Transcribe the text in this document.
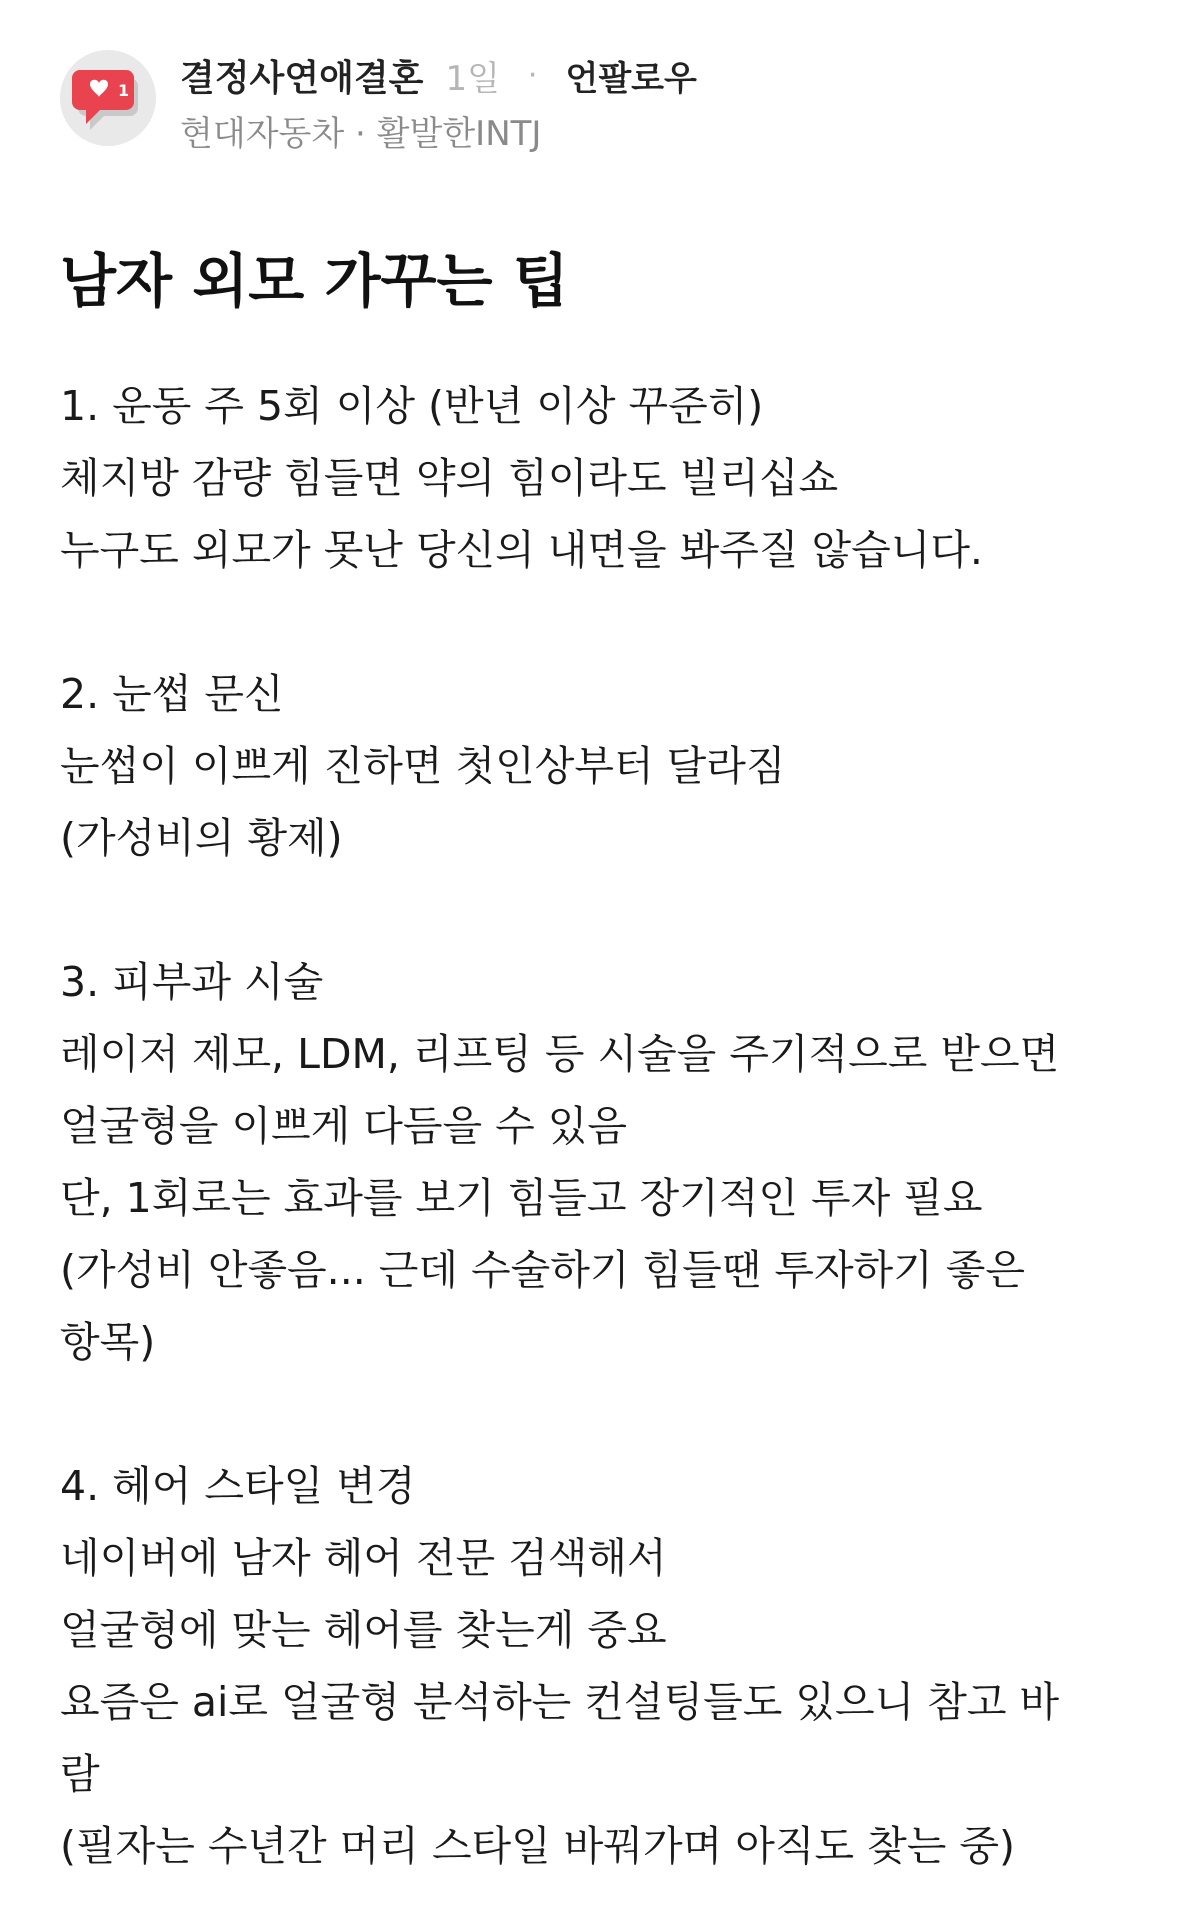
1 결정사연애결혼 1일 · 언팔로우
현대자동차 · 활발한INTJ
남자 외모 가꾸는 팁
1. 운동 주 5회 이상 (반년 이상 꾸준히)
체지방 감량 힘들면 약의 힘이라도 빌리십쇼
누구도 외모가 못난 당신의 내면을 봐주질 않습니다.
2. 눈썹 문신
눈썹이 이쁘게 진하면 첫인상부터 달라짐
(가성비의 황제)
3. 피부과 시술
레이저 제모, LDM, 리프팅 등 시술을 주기적으로 받으면
얼굴형을 이쁘게 다듬을 수 있음
단, 1회로는 효과를 보기 힘들고 장기적인 투자 필요
(가성비 안좋음... 근데 수술하기 힘들땐 투자하기 좋은
항목)
4. 헤어 스타일 변경
네이버에 남자 헤어 전문 검색해서
얼굴형에 맞는 헤어를 찾는게 중요
요즘은 ai로 얼굴형 분석하는 컨설팅들도 있으니 참고 바
람
(필자는 수년간 머리 스타일 바꿔가며 아직도 찾는 중)
